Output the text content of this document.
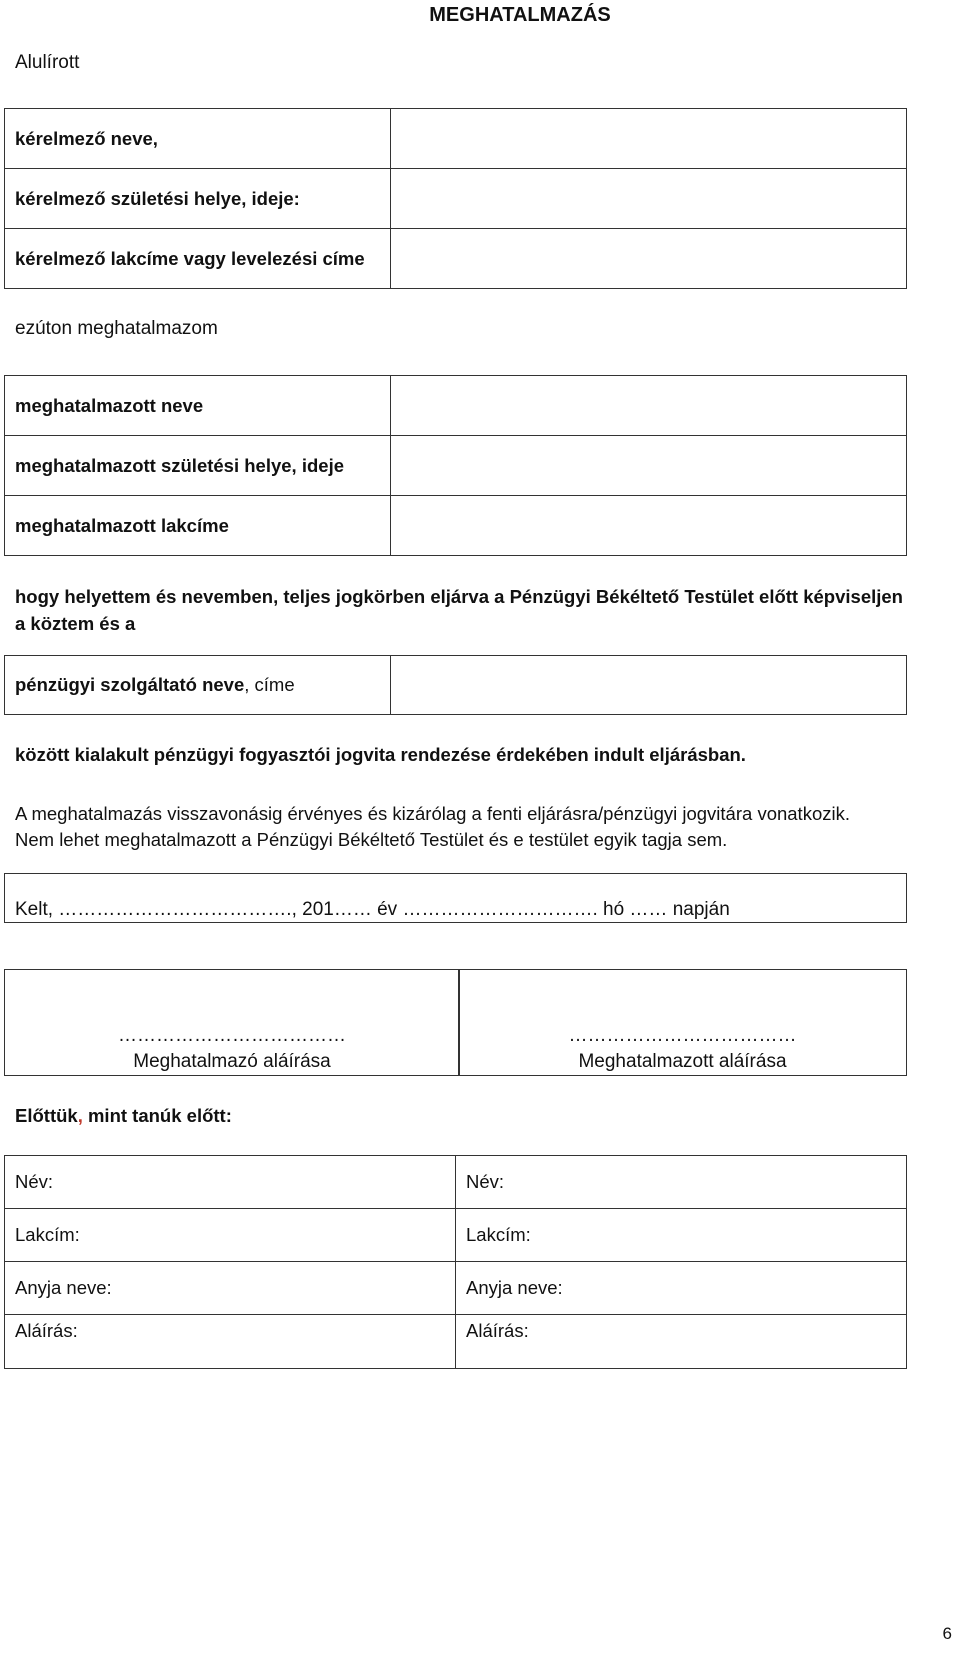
MEGHATALMAZÁS
Alulírott
kérelmező neve,	
kérelmező születési helye, ideje:	
kérelmező lakcíme vagy levelezési címe	
ezúton meghatalmazom
meghatalmazott neve	
meghatalmazott születési helye, ideje	
meghatalmazott lakcíme	
hogy helyettem és nevemben, teljes jogkörben eljárva a Pénzügyi Békéltető Testület előtt képviseljen a köztem és a
pénzügyi szolgáltató neve, címe	
között kialakult pénzügyi fogyasztói jogvita rendezése érdekében indult eljárásban.
A meghatalmazás visszavonásig érvényes és kizárólag a fenti eljárásra/pénzügyi jogvitára vonatkozik.
Nem lehet meghatalmazott a Pénzügyi Békéltető Testület és e testület egyik tagja sem.
Kelt, ………………………………., 201…… év …………………………. hó …… napján
………………………………
Meghatalmazó aláírása
………………………………
Meghatalmazott aláírása
Előttük, mint tanúk előtt:
Név:	Név:
Lakcím:	Lakcím:
Anyja neve:	Anyja neve:
Aláírás:	Aláírás:
6
